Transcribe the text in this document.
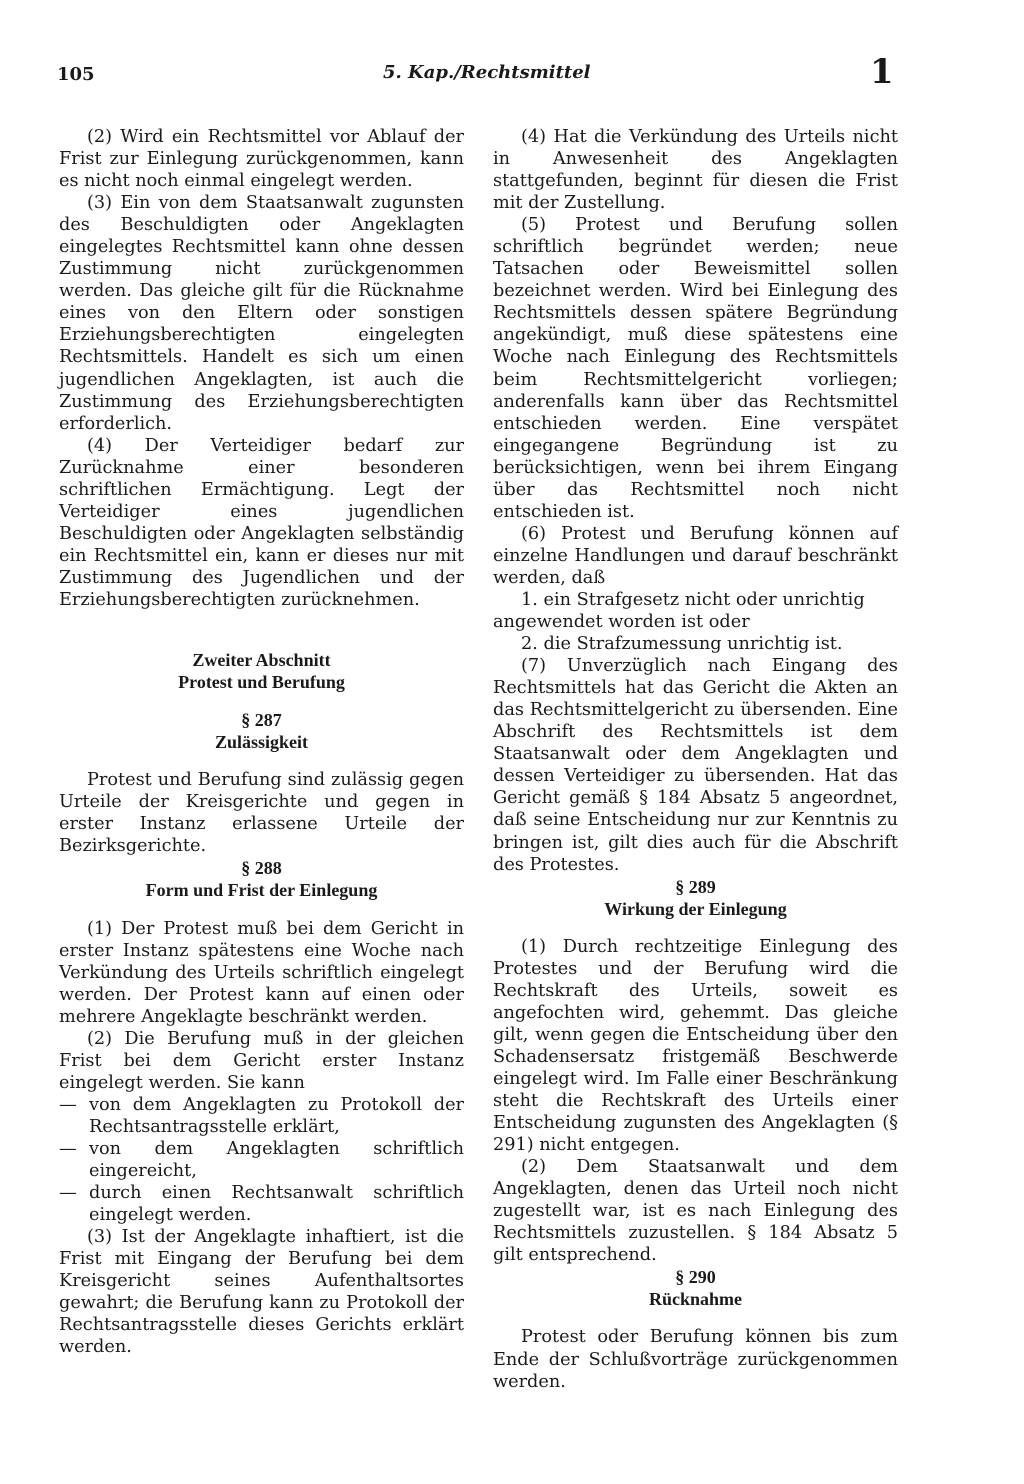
105	5. Kap./Rechtsmittel	1

(2) Wird ein Rechtsmittel vor Ablauf der Frist zur Einlegung zurückgenommen, kann es nicht noch einmal eingelegt werden.

(3) Ein von dem Staatsanwalt zugunsten des Beschuldigten oder Angeklagten eingelegtes Rechtsmittel kann ohne dessen Zustimmung nicht zurückgenommen werden. Das gleiche gilt für die Rücknahme eines von den Eltern oder sonstigen Erziehungsberechtigten eingelegten Rechtsmittels. Handelt es sich um einen jugendlichen Angeklagten, ist auch die Zustimmung des Erziehungsberechtigten erforderlich.

(4) Der Verteidiger bedarf zur Zurücknahme einer besonderen schriftlichen Ermächtigung. Legt der Verteidiger eines jugendlichen Beschuldigten oder Angeklagten selbständig ein Rechtsmittel ein, kann er dieses nur mit Zustimmung des Jugendlichen und der Erziehungsberechtigten zurücknehmen.

Zweiter Abschnitt

Protest und Berufung

§ 287

Zulässigkeit

Protest und Berufung sind zulässig gegen Urteile der Kreisgerichte und gegen in erster Instanz erlassene Urteile der Bezirksgerichte.

§ 288

Form und Frist der Einlegung

(1) Der Protest muß bei dem Gericht in erster Instanz spätestens eine Woche nach Verkündung des Urteils schriftlich eingelegt werden. Der Protest kann auf einen oder mehrere Angeklagte beschränkt werden.

(2) Die Berufung muß in der gleichen Frist bei dem Gericht erster Instanz eingelegt werden. Sie kann

— von dem Angeklagten zu Protokoll der Rechtsantragsstelle erklärt,
— von dem Angeklagten schriftlich eingereicht,
— durch einen Rechtsanwalt schriftlich eingelegt werden.

(3) Ist der Angeklagte inhaftiert, ist die Frist mit Eingang der Berufung bei dem Kreisgericht seines Aufenthaltsortes gewahrt; die Berufung kann zu Protokoll der Rechtsantragsstelle dieses Gerichts erklärt werden.

(4) Hat die Verkündung des Urteils nicht in Anwesenheit des Angeklagten stattgefunden, beginnt für diesen die Frist mit der Zustellung.

(5) Protest und Berufung sollen schriftlich begründet werden; neue Tatsachen oder Beweismittel sollen bezeichnet werden. Wird bei Einlegung des Rechtsmittels dessen spätere Begründung angekündigt, muß diese spätestens eine Woche nach Einlegung des Rechtsmittels beim Rechtsmittelgericht vorliegen; anderenfalls kann über das Rechtsmittel entschieden werden. Eine verspätet eingegangene Begründung ist zu berücksichtigen, wenn bei ihrem Eingang über das Rechtsmittel noch nicht entschieden ist.

(6) Protest und Berufung können auf einzelne Handlungen und darauf beschränkt werden, daß

1. ein Strafgesetz nicht oder unrichtig angewendet worden ist oder

2. die Strafzumessung unrichtig ist.

(7) Unverzüglich nach Eingang des Rechtsmittels hat das Gericht die Akten an das Rechtsmittelgericht zu übersenden. Eine Abschrift des Rechtsmittels ist dem Staatsanwalt oder dem Angeklagten und dessen Verteidiger zu übersenden. Hat das Gericht gemäß § 184 Absatz 5 angeordnet, daß seine Entscheidung nur zur Kenntnis zu bringen ist, gilt dies auch für die Abschrift des Protestes.

§ 289

Wirkung der Einlegung

(1) Durch rechtzeitige Einlegung des Protestes und der Berufung wird die Rechtskraft des Urteils, soweit es angefochten wird, gehemmt. Das gleiche gilt, wenn gegen die Entscheidung über den Schadensersatz fristgemäß Beschwerde eingelegt wird. Im Falle einer Beschränkung steht die Rechtskraft des Urteils einer Entscheidung zugunsten des Angeklagten (§ 291) nicht entgegen.

(2) Dem Staatsanwalt und dem Angeklagten, denen das Urteil noch nicht zugestellt war, ist es nach Einlegung des Rechtsmittels zuzustellen. § 184 Absatz 5 gilt entsprechend.

§ 290

Rücknahme

Protest oder Berufung können bis zum Ende der Schlußvorträge zurückgenommen werden.
